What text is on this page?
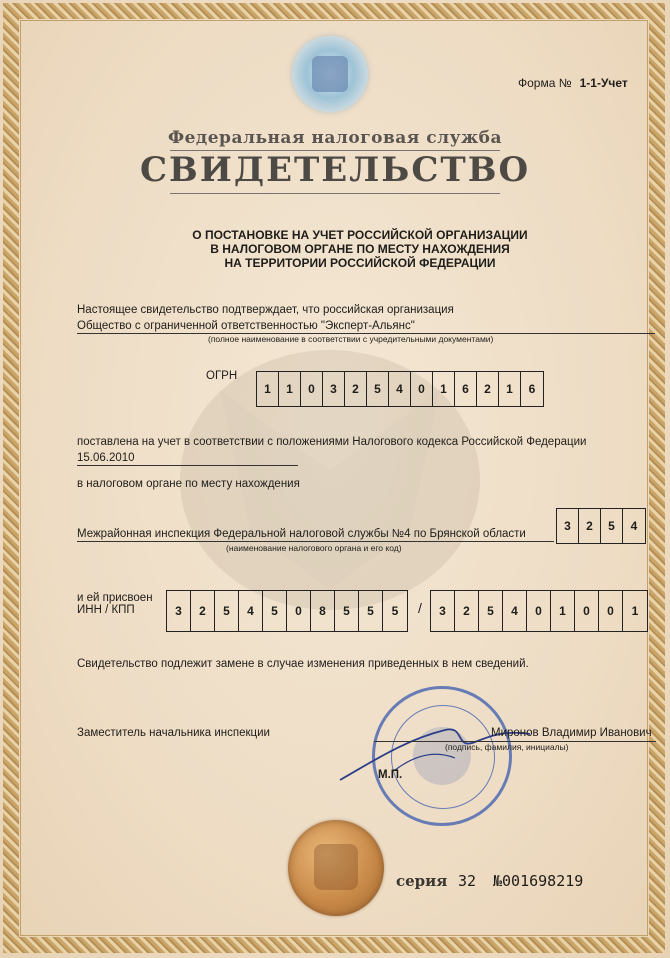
Форма № 1-1-Учет
Федеральная налоговая служба
СВИДЕТЕЛЬСТВО
О ПОСТАНОВКЕ НА УЧЕТ РОССИЙСКОЙ ОРГАНИЗАЦИИ
В НАЛОГОВОМ ОРГАНЕ ПО МЕСТУ НАХОЖДЕНИЯ
НА ТЕРРИТОРИИ РОССИЙСКОЙ ФЕДЕРАЦИИ
Настоящее свидетельство подтверждает, что российская организация
Общество с ограниченной ответственностью "Эксперт-Альянс"
(полное наименование в соответствии с учредительными документами)
ОГРН
1	1	0	3	2	5	4	0	1	6	2	1	6
поставлена на учет в соответствии с положениями Налогового кодекса Российской Федерации
15.06.2010
в налоговом органе по месту нахождения
Межрайонная инспекция Федеральной налоговой службы №4 по Брянской области
(наименование налогового органа и его код)
3	2	5	4
и ей присвоен
ИНН / КПП	3	2	5	4	5	0	8	5	5	5	/	3	2	5	4	0	1	0	0	1
Свидетельство подлежит замене в случае изменения приведенных в нем сведений.
Заместитель начальника инспекции	Миронов Владимир Иванович
(подпись, фамилия, инициалы)
М.П.
серия 32 №001698219
